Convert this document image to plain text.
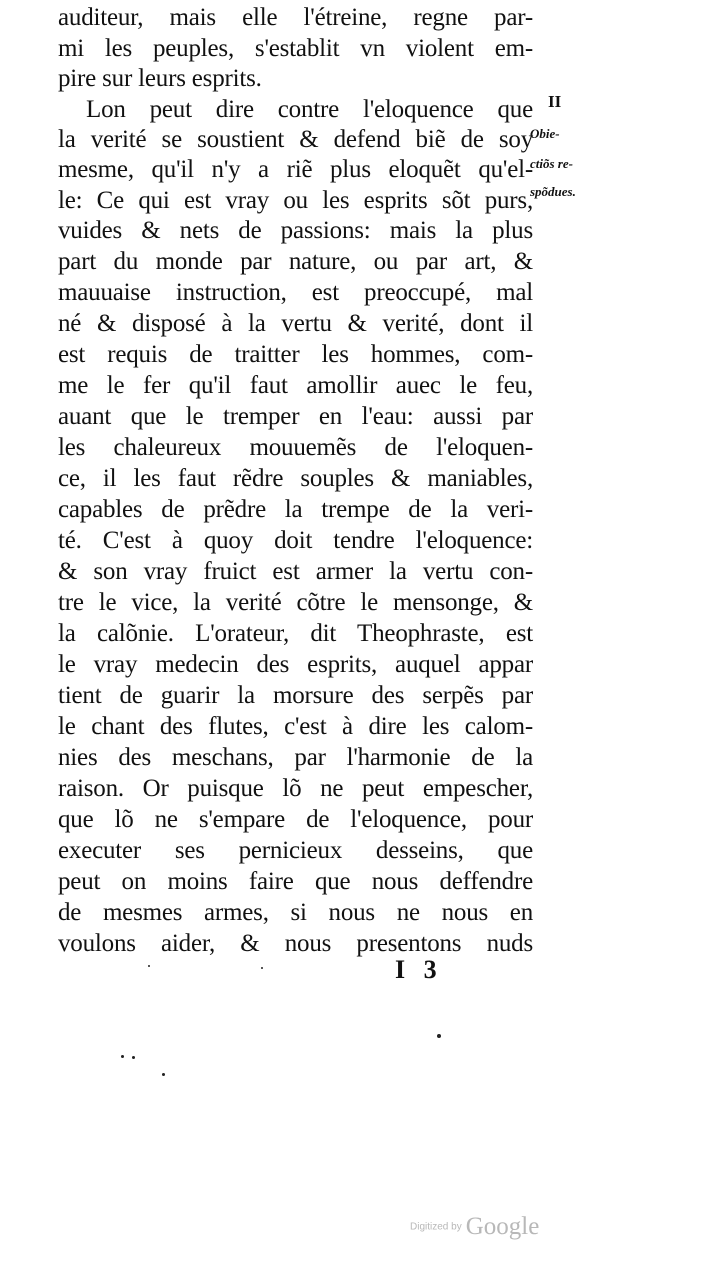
auditeur, mais elle l'étreine, regne par-
mi les peuples, s'establit vn violent em-
pire sur leurs esprits.
Lon peut dire contre l'eloquence que
la verité se soustient & defend biẽ de soy
mesme, qu'il n'y a riẽ plus eloquẽt qu'el-
le: Ce qui est vray ou les esprits sõt purs,
vuides & nets de passions: mais la plus
part du monde par nature, ou par art, &
mauuaise instruction, est preoccupé, mal
né & disposé à la vertu & verité, dont il
est requis de traitter les hommes, com-
me le fer qu'il faut amollir auec le feu,
auant que le tremper en l'eau: aussi par
les chaleureux mouuemẽs de l'eloquen-
ce, il les faut rẽdre souples & maniables,
capables de prẽdre la trempe de la veri-
té. C'est à quoy doit tendre l'eloquence:
& son vray fruict est armer la vertu con-
tre le vice, la verité cõtre le mensonge, &
la calõnie. L'orateur, dit Theophraste, est
le vray medecin des esprits, auquel appar
tient de guarir la morsure des serpẽs par
le chant des flutes, c'est à dire les calom-
nies des meschans, par l'harmonie de la
raison. Or puisque lõ ne peut empescher,
que lõ ne s'empare de l'eloquence, pour
executer ses pernicieux desseins, que
peut on moins faire que nous deffendre
de mesmes armes, si nous ne nous en
voulons aider, & nous presentons nuds
II
Obie-
ctiõs re-
spõdues.
I 3
Digitized by Google
